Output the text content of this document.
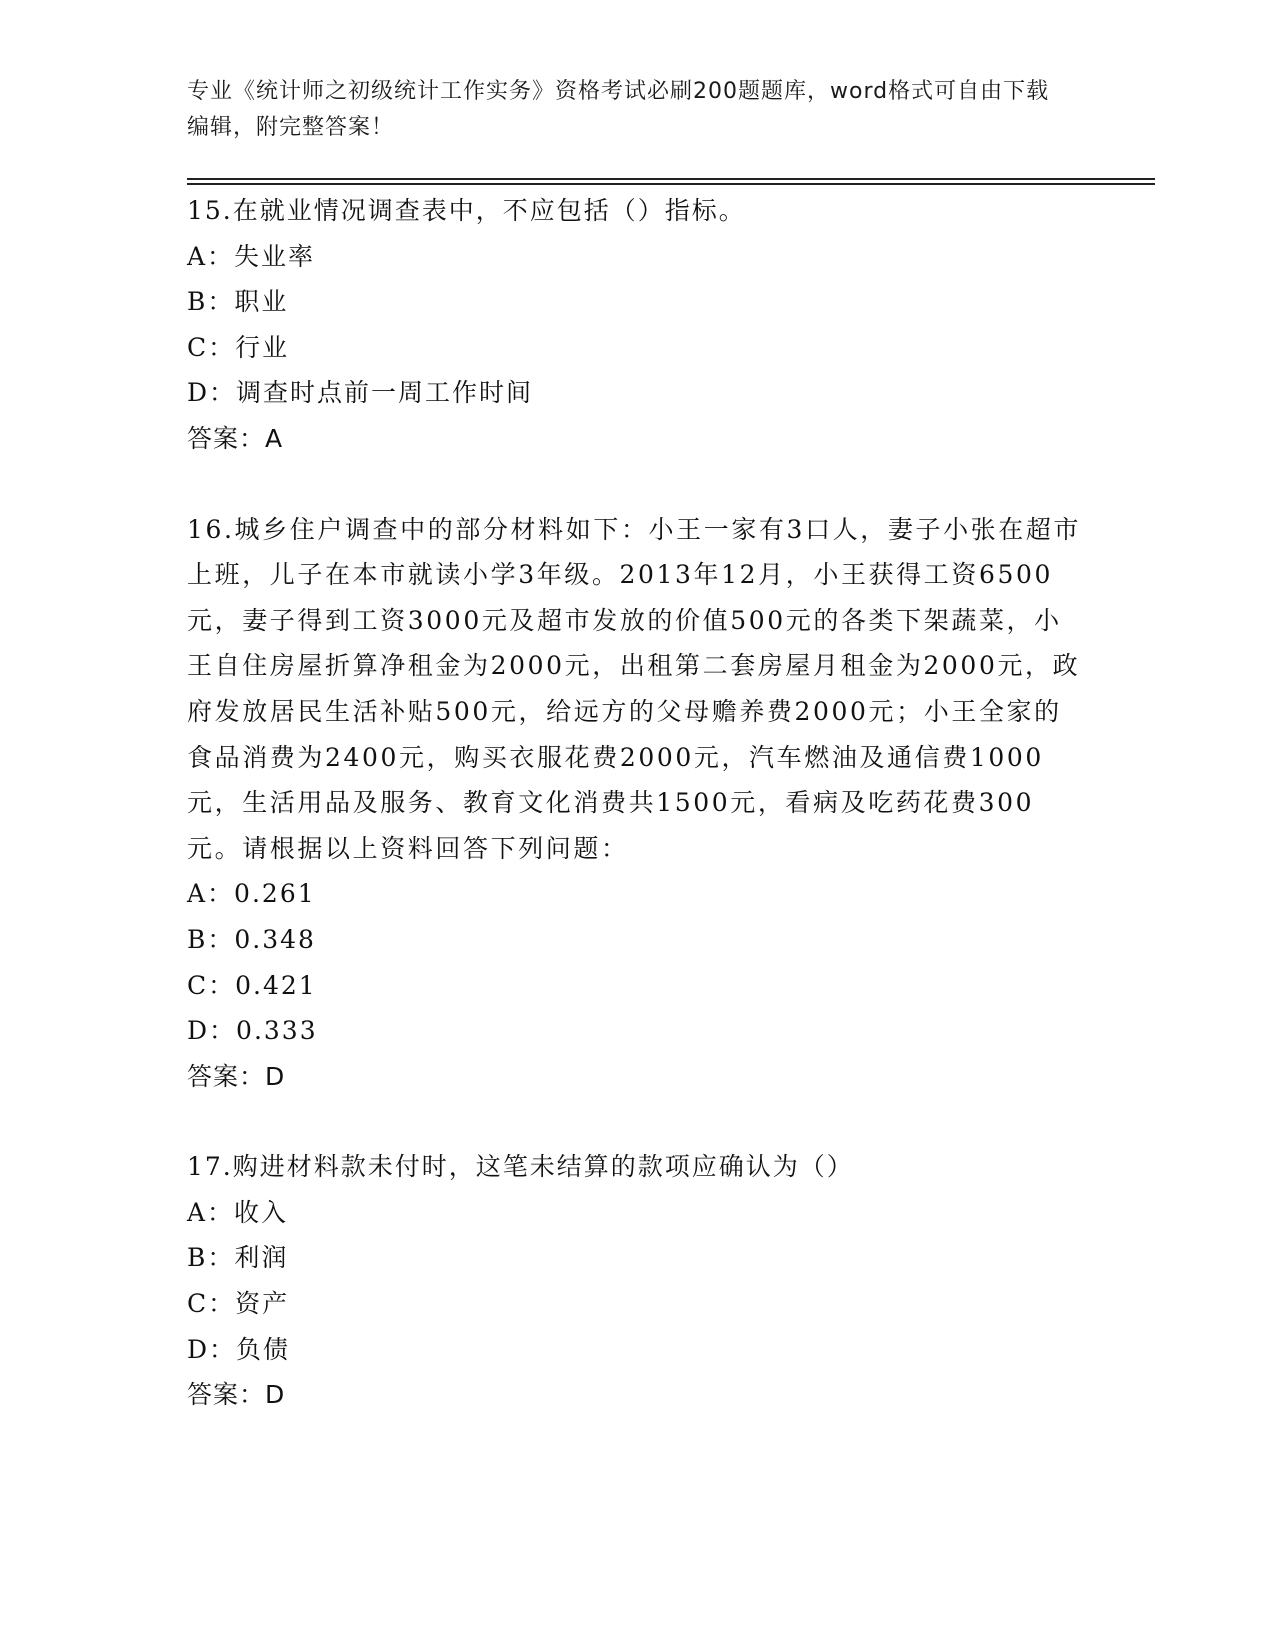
专业《统计师之初级统计工作实务》资格考试必刷200题题库，word格式可自由下载编辑，附完整答案！
15.在就业情况调查表中，不应包括（）指标。
A：失业率
B：职业
C：行业
D：调查时点前一周工作时间
答案：A
16.城乡住户调查中的部分材料如下：小王一家有3口人，妻子小张在超市上班，儿子在本市就读小学3年级。2013年12月，小王获得工资6500元，妻子得到工资3000元及超市发放的价值500元的各类下架蔬菜，小王自住房屋折算净租金为2000元，出租第二套房屋月租金为2000元，政府发放居民生活补贴500元，给远方的父母赡养费2000元；小王全家的食品消费为2400元，购买衣服花费2000元，汽车燃油及通信费1000元，生活用品及服务、教育文化消费共1500元，看病及吃药花费300元。请根据以上资料回答下列问题：
A：0.261
B：0.348
C：0.421
D：0.333
答案：D
17.购进材料款未付时，这笔未结算的款项应确认为（）
A：收入
B：利润
C：资产
D：负债
答案：D
